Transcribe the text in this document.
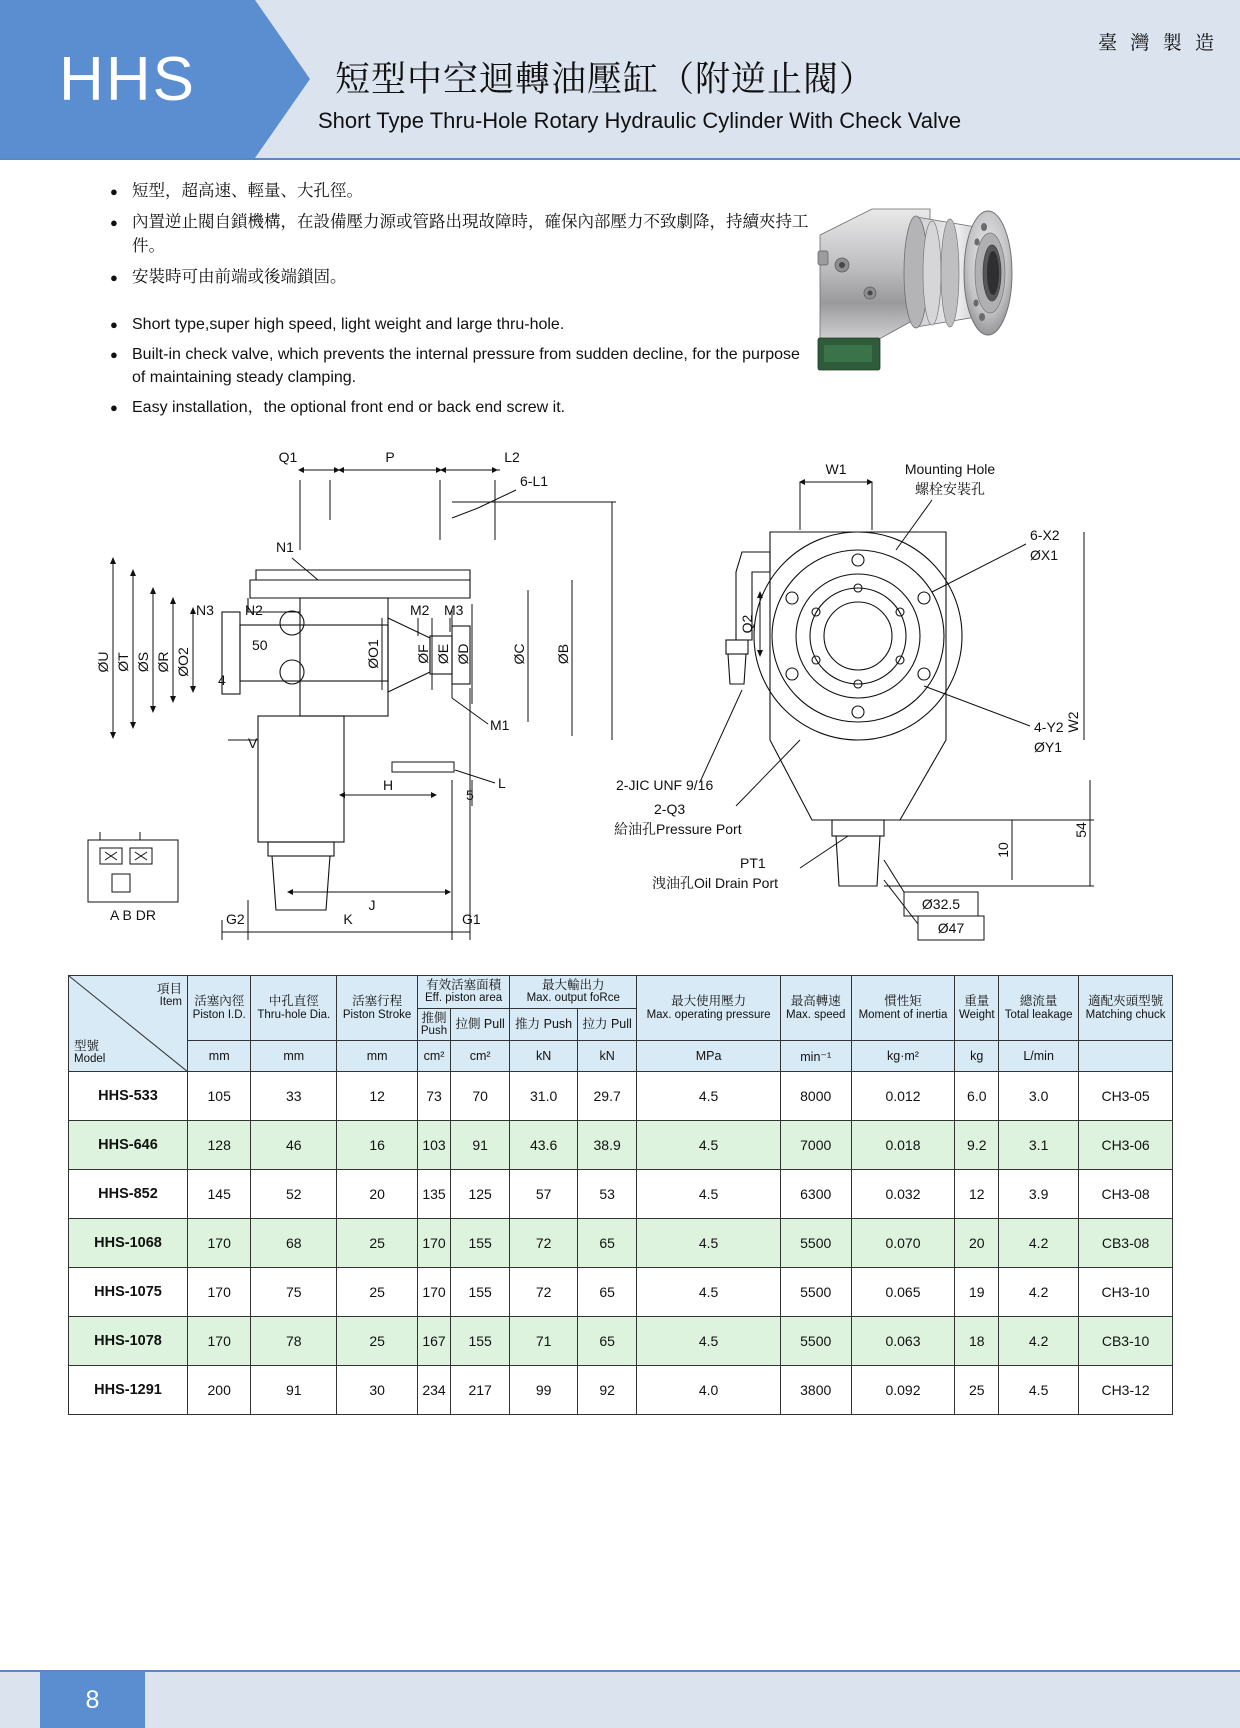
HHS
臺 灣 製 造
短型中空迴轉油壓缸（附逆止閥）
Short Type Thru-Hole Rotary Hydraulic Cylinder With Check Valve
● 短型，超高速、輕量、大孔徑。
● 內置逆止閥自鎖機構，在設備壓力源或管路出現故障時，確保內部壓力不致劇降，持續夾持工件。
● 安裝時可由前端或後端鎖固。
● Short type,super high speed, light weight and large thru-hole.
● Built-in check valve, which prevents the internal pressure from sudden decline, for the purpose of maintaining steady clamping.
● Easy installation，the optional front end or back end screw it.
Q1	P	L2
6-L1
N1
ØU ØT ØS ØR ØO2
N3 N2
50
4
M2 M3
M1
ØO1 ØF ØE ØD	ØC ØB
V
L
H
5
J
G2	K	G1
A B DR
W1	Mounting Hole
螺栓安裝孔
6-X2
ØX1
Q2
4-Y2
ØY1
W2
2-JIC UNF 9/16
2-Q3
給油孔Pressure Port
PT1
洩油孔Oil Drain Port
Ø32.5
Ø47
10
54
項目
Item
型號
Model	活塞內徑
Piston I.D.	中孔直徑
Thru-hole Dia.	活塞行程
Piston Stroke	有效活塞面積
Eff. piston area		最大輸出力
Max. output foRce		最大使用壓力
Max. operating pressure	最高轉速
Max. speed	慣性矩
Moment of inertia	重量
Weight	總流量
Total leakage	適配夾頭型號
Matching chuck

				推側
Push	拉側 Pull	推力 Push	拉力 Pull						

	mm	mm	mm	cm²	cm²	kN	kN	MPa	min⁻¹	kg·m²	kg	L/min	
HHS-533	105	33	12	73	70	31.0	29.7	4.5	8000	0.012	6.0	3.0	CH3-05
HHS-646	128	46	16	103	91	43.6	38.9	4.5	7000	0.018	9.2	3.1	CH3-06
HHS-852	145	52	20	135	125	57	53	4.5	6300	0.032	12	3.9	CH3-08
HHS-1068	170	68	25	170	155	72	65	4.5	5500	0.070	20	4.2	CB3-08
HHS-1075	170	75	25	170	155	72	65	4.5	5500	0.065	19	4.2	CH3-10
HHS-1078	170	78	25	167	155	71	65	4.5	5500	0.063	18	4.2	CB3-10
HHS-1291	200	91	30	234	217	99	92	4.0	3800	0.092	25	4.5	CH3-12
8
